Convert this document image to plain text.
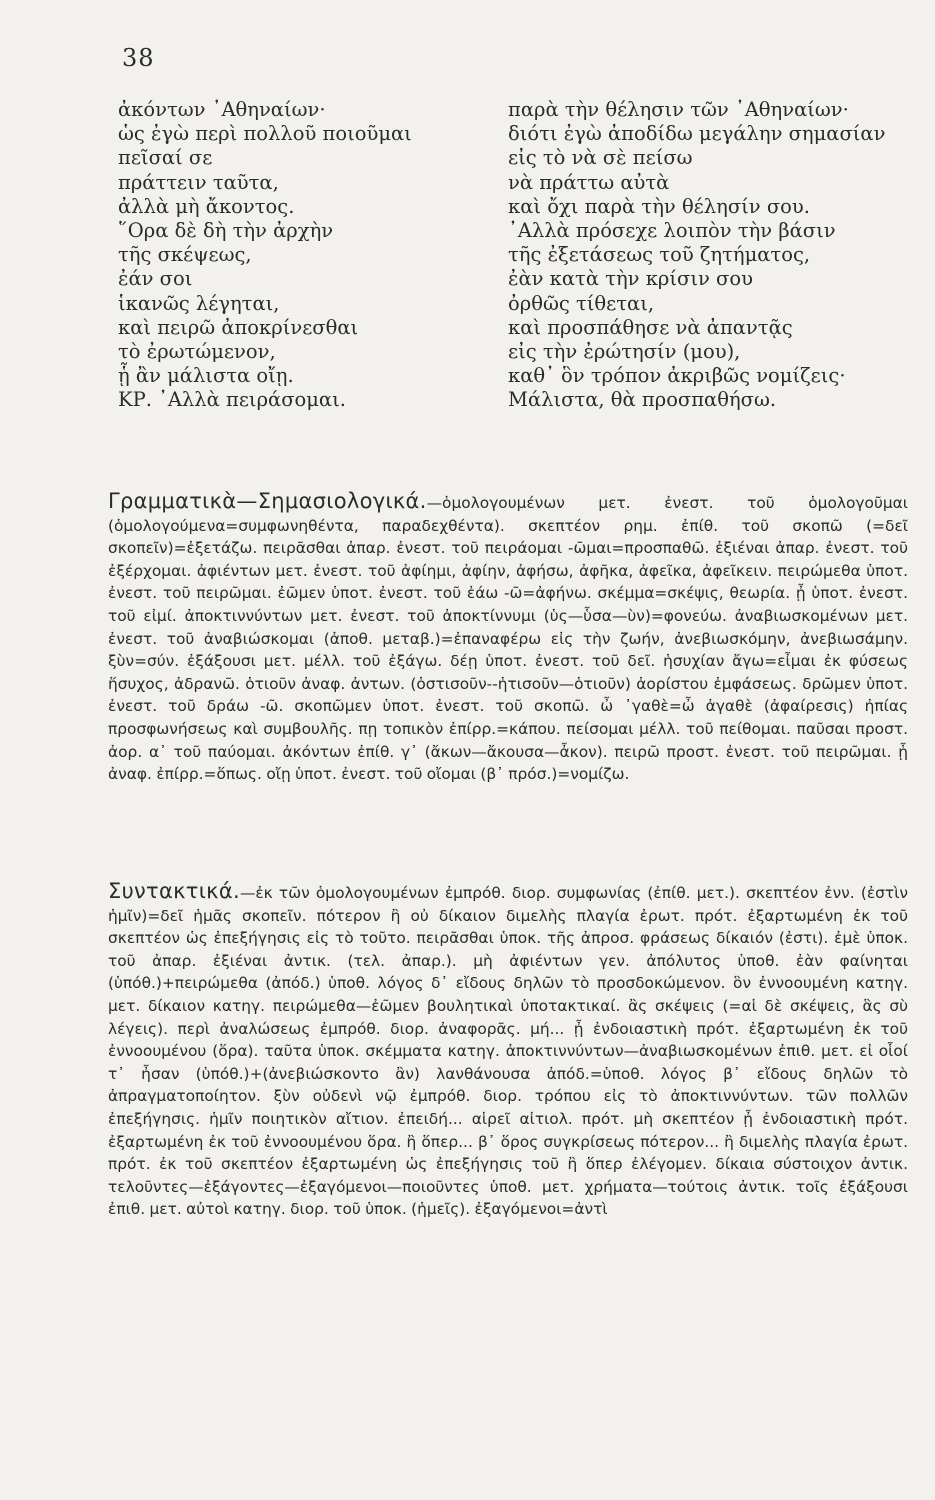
38
ἀκόντων ᾿Αθηναίων·
ὡς ἐγὼ περὶ πολλοῦ ποιοῦμαι
πεῖσαί σε
πράττειν ταῦτα,
ἀλλὰ μὴ ἄκοντος.
῞Ορα δὲ δὴ τὴν ἀρχὴν
τῆς σκέψεως,
ἐάν σοι
ἱκανῶς λέγηται,
καὶ πειρῶ ἀποκρίνεσθαι
τὸ ἐρωτώμενον,
ᾗ ἂν μάλιστα οἴῃ.
ΚΡ. ᾿Αλλὰ πειράσομαι.
παρὰ τὴν θέλησιν τῶν ᾿Αθηναίων·
διότι ἐγὼ ἀποδίδω μεγάλην σημασίαν
εἰς τὸ νὰ σὲ πείσω
νὰ πράττω αὐτὰ
καὶ ὄχι παρὰ τὴν θέλησίν σου.
᾿Αλλὰ πρόσεχε λοιπὸν τὴν βάσιν
τῆς ἐξετάσεως τοῦ ζητήματος,
ἐὰν κατὰ τὴν κρίσιν σου
ὀρθῶς τίθεται,
καὶ προσπάθησε νὰ ἀπαντᾷς
εἰς τὴν ἐρώτησίν (μου),
καθ᾿ ὃν τρόπον ἀκριβῶς νομίζεις·
Μάλιστα, θὰ προσπαθήσω.
Γραμματικὰ—Σημασιολογικά.—ὁμολογουμένων μετ. ἐνεστ. τοῦ ὁμολογοῦμαι (ὁμολογούμενα=συμφωνηθέντα, παραδεχθέντα). σκεπτέον ρημ. ἐπίθ. τοῦ σκοπῶ (=δεῖ σκοπεῖν)=ἐξετάζω. πειρᾶσθαι ἀπαρ. ἐνεστ. τοῦ πειράομαι -ῶμαι=προσπαθῶ. ἐξιέναι ἀπαρ. ἐνεστ. τοῦ ἐξέρχομαι. ἀφιέντων μετ. ἐνεστ. τοῦ ἀφίημι, ἀφίην, ἀφήσω, ἀφῆκα, ἀφεῖκα, ἀφεῖκειν. πειρώμεθα ὑποτ. ἐνεστ. τοῦ πειρῶμαι. ἐῶμεν ὑποτ. ἐνεστ. τοῦ ἐάω -ῶ=ἀφήνω. σκέμμα=σκέψις, θεωρία. ᾖ ὑποτ. ἐνεστ. τοῦ εἰμί. ἀποκτιννύντων μετ. ἐνεστ. τοῦ ἀποκτίννυμι (ὑς—ὗσα—ὺν)=φονεύω. ἀναβιωσκομένων μετ. ἐνεστ. τοῦ ἀναβιώσκομαι (ἀποθ. μεταβ.)=ἐπαναφέρω εἰς τὴν ζωήν, ἀνεβιωσκόμην, ἀνεβιωσάμην. ξὺν=σύν. ἐξάξουσι μετ. μέλλ. τοῦ ἐξάγω. δέῃ ὑποτ. ἐνεστ. τοῦ δεῖ. ἡσυχίαν ἄγω=εἶμαι ἐκ φύσεως ἥσυχος, ἀδρανῶ. ὁτιοῦν ἀναφ. ἀντων. (ὁστισοῦν--ἡτισοῦν—ὁτιοῦν) ἀορίστου ἐμφάσεως. δρῶμεν ὑποτ. ἐνεστ. τοῦ δράω -ῶ. σκοπῶμεν ὑποτ. ἐνεστ. τοῦ σκοπῶ. ὦ ᾿γαθὲ=ὦ ἀγαθὲ (ἀφαίρεσις) ἠπίας προσφωνήσεως καὶ συμβουλῆς. πῃ τοπικὸν ἐπίρρ.=κάπου. πείσομαι μέλλ. τοῦ πείθομαι. παῦσαι προστ. ἀορ. α᾿ τοῦ παύομαι. ἀκόντων ἐπίθ. γ᾿ (ἄκων—ἄκουσα—ἆκον). πειρῶ προστ. ἐνεστ. τοῦ πειρῶμαι. ᾗ ἀναφ. ἐπίρρ.=ὅπως. οἴῃ ὑποτ. ἐνεστ. τοῦ οἴομαι (β᾿ πρόσ.)=νομίζω.
Συντακτικά.—ἐκ τῶν ὁμολογουμένων ἐμπρόθ. διορ. συμφωνίας (ἐπίθ. μετ.). σκεπτέον ἐνν. (ἐστὶν ἡμῖν)=δεῖ ἡμᾶς σκοπεῖν. πότερον ἢ οὐ δίκαιον διμελὴς πλαγία ἐρωτ. πρότ. ἐξαρτωμένη ἐκ τοῦ σκεπτέον ὡς ἐπεξήγησις εἰς τὸ τοῦτο. πειρᾶσθαι ὑποκ. τῆς ἀπροσ. φράσεως δίκαιόν (ἐστι). ἐμὲ ὑποκ. τοῦ ἀπαρ. ἐξιέναι ἀντικ. (τελ. ἀπαρ.). μὴ ἀφιέντων γεν. ἀπόλυτος ὑποθ. ἐὰν φαίνηται (ὑπόθ.)+πειρώμεθα (ἀπόδ.) ὑποθ. λόγος δ᾿ εἴδους δηλῶν τὸ προσδοκώμενον. ὃν ἐννοουμένη κατηγ. μετ. δίκαιον κατηγ. πειρώμεθα—ἐῶμεν βουλητικαὶ ὑποτακτικαί. ἂς σκέψεις (=αἱ δὲ σκέψεις, ἃς σὺ λέγεις). περὶ ἀναλώσεως ἐμπρόθ. διορ. ἀναφορᾶς. μή... ᾖ ἐνδοιαστικὴ πρότ. ἐξαρτωμένη ἐκ τοῦ ἐννοουμένου (ὅρα). ταῦτα ὑποκ. σκέμματα κατηγ. ἀποκτιννύντων—ἀναβιωσκομένων ἐπιθ. μετ. εἰ οἷοί τ᾿ ἦσαν (ὑπόθ.)+(ἀνεβιώσκοντο ἂν) λανθάνουσα ἀπόδ.=ὑποθ. λόγος β᾿ εἴδους δηλῶν τὸ ἀπραγματοποίητον. ξὺν οὐδενὶ νῷ ἐμπρόθ. διορ. τρόπου εἰς τὸ ἀποκτιννύντων. τῶν πολλῶν ἐπεξήγησις. ἡμῖν ποιητικὸν αἴτιον. ἐπειδή... αἱρεῖ αἰτιολ. πρότ. μὴ σκεπτέον ᾖ ἐνδοιαστικὴ πρότ. ἐξαρτωμένη ἐκ τοῦ ἐννοουμένου ὅρα. ἢ ὅπερ... β᾿ ὅρος συγκρίσεως πότερον... ἢ διμελὴς πλαγία ἐρωτ. πρότ. ἐκ τοῦ σκεπτέον ἐξαρτωμένη ὡς ἐπεξήγησις τοῦ ἢ ὅπερ ἐλέγομεν. δίκαια σύστοιχον ἀντικ. τελοῦντες—ἐξάγοντες—ἐξαγόμενοι—ποιοῦντες ὑποθ. μετ. χρήματα—τούτοις ἀντικ. τοῖς ἐξάξουσι ἐπιθ. μετ. αὐτοὶ κατηγ. διορ. τοῦ ὑποκ. (ἡμεῖς). ἐξαγόμενοι=ἀντὶ
